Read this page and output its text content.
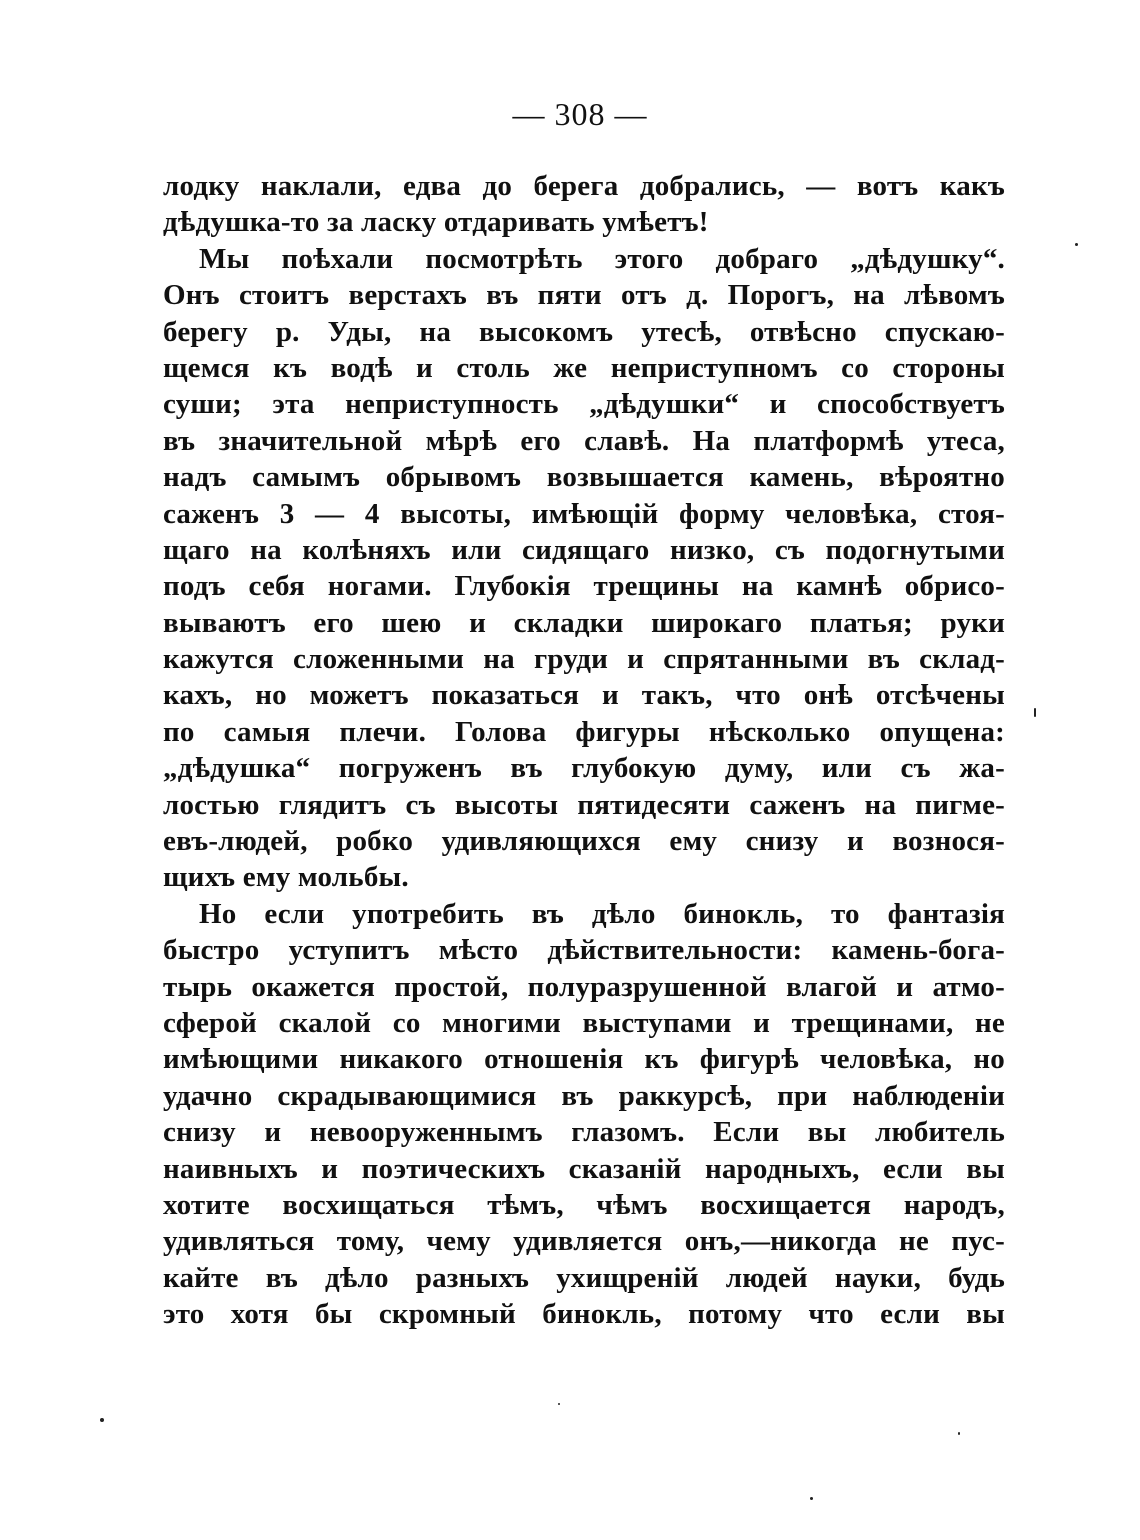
— 308 —
лодку наклали, едва до берега добрались, — вотъ какъ
дѣдушка-то за ласку отдаривать умѣетъ!
Мы поѣхали посмотрѣть этого добраго „дѣдушку“.
Онъ стоитъ верстахъ въ пяти отъ д. Порогъ, на лѣвомъ
берегу р. Уды, на высокомъ утесѣ, отвѣсно спускаю-
щемся къ водѣ и столь же неприступномъ со стороны
суши; эта неприступность „дѣдушки“ и способствуетъ
въ значительной мѣрѣ его славѣ. На платформѣ утеса,
надъ самымъ обрывомъ возвышается камень, вѣроятно
саженъ 3 — 4 высоты, имѣющій форму человѣка, стоя-
щаго на колѣняхъ или сидящаго низко, съ подогнутыми
подъ себя ногами. Глубокія трещины на камнѣ обрисо-
вываютъ его шею и складки широкаго платья; руки
кажутся сложенными на груди и спрятанными въ склад-
кахъ, но можетъ показаться и такъ, что онѣ отсѣчены
по самыя плечи. Голова фигуры нѣсколько опущена:
„дѣдушка“ погруженъ въ глубокую думу, или съ жа-
лостью глядитъ съ высоты пятидесяти саженъ на пигме-
евъ-людей, робко удивляющихся ему снизу и вознося-
щихъ ему мольбы.
Но если употребить въ дѣло бинокль, то фантазія
быстро уступитъ мѣсто дѣйствительности: камень-бога-
тырь окажется простой, полуразрушенной влагой и атмо-
сферой скалой со многими выступами и трещинами, не
имѣющими никакого отношенія къ фигурѣ человѣка, но
удачно скрадывающимися въ раккурсѣ, при наблюденіи
снизу и невооруженнымъ глазомъ. Если вы любитель
наивныхъ и поэтическихъ сказаній народныхъ, если вы
хотите восхищаться тѣмъ, чѣмъ восхищается народъ,
удивляться тому, чему удивляется онъ,—никогда не пус-
кайте въ дѣло разныхъ ухищреній людей науки, будь
это хотя бы скромный бинокль, потому что если вы
